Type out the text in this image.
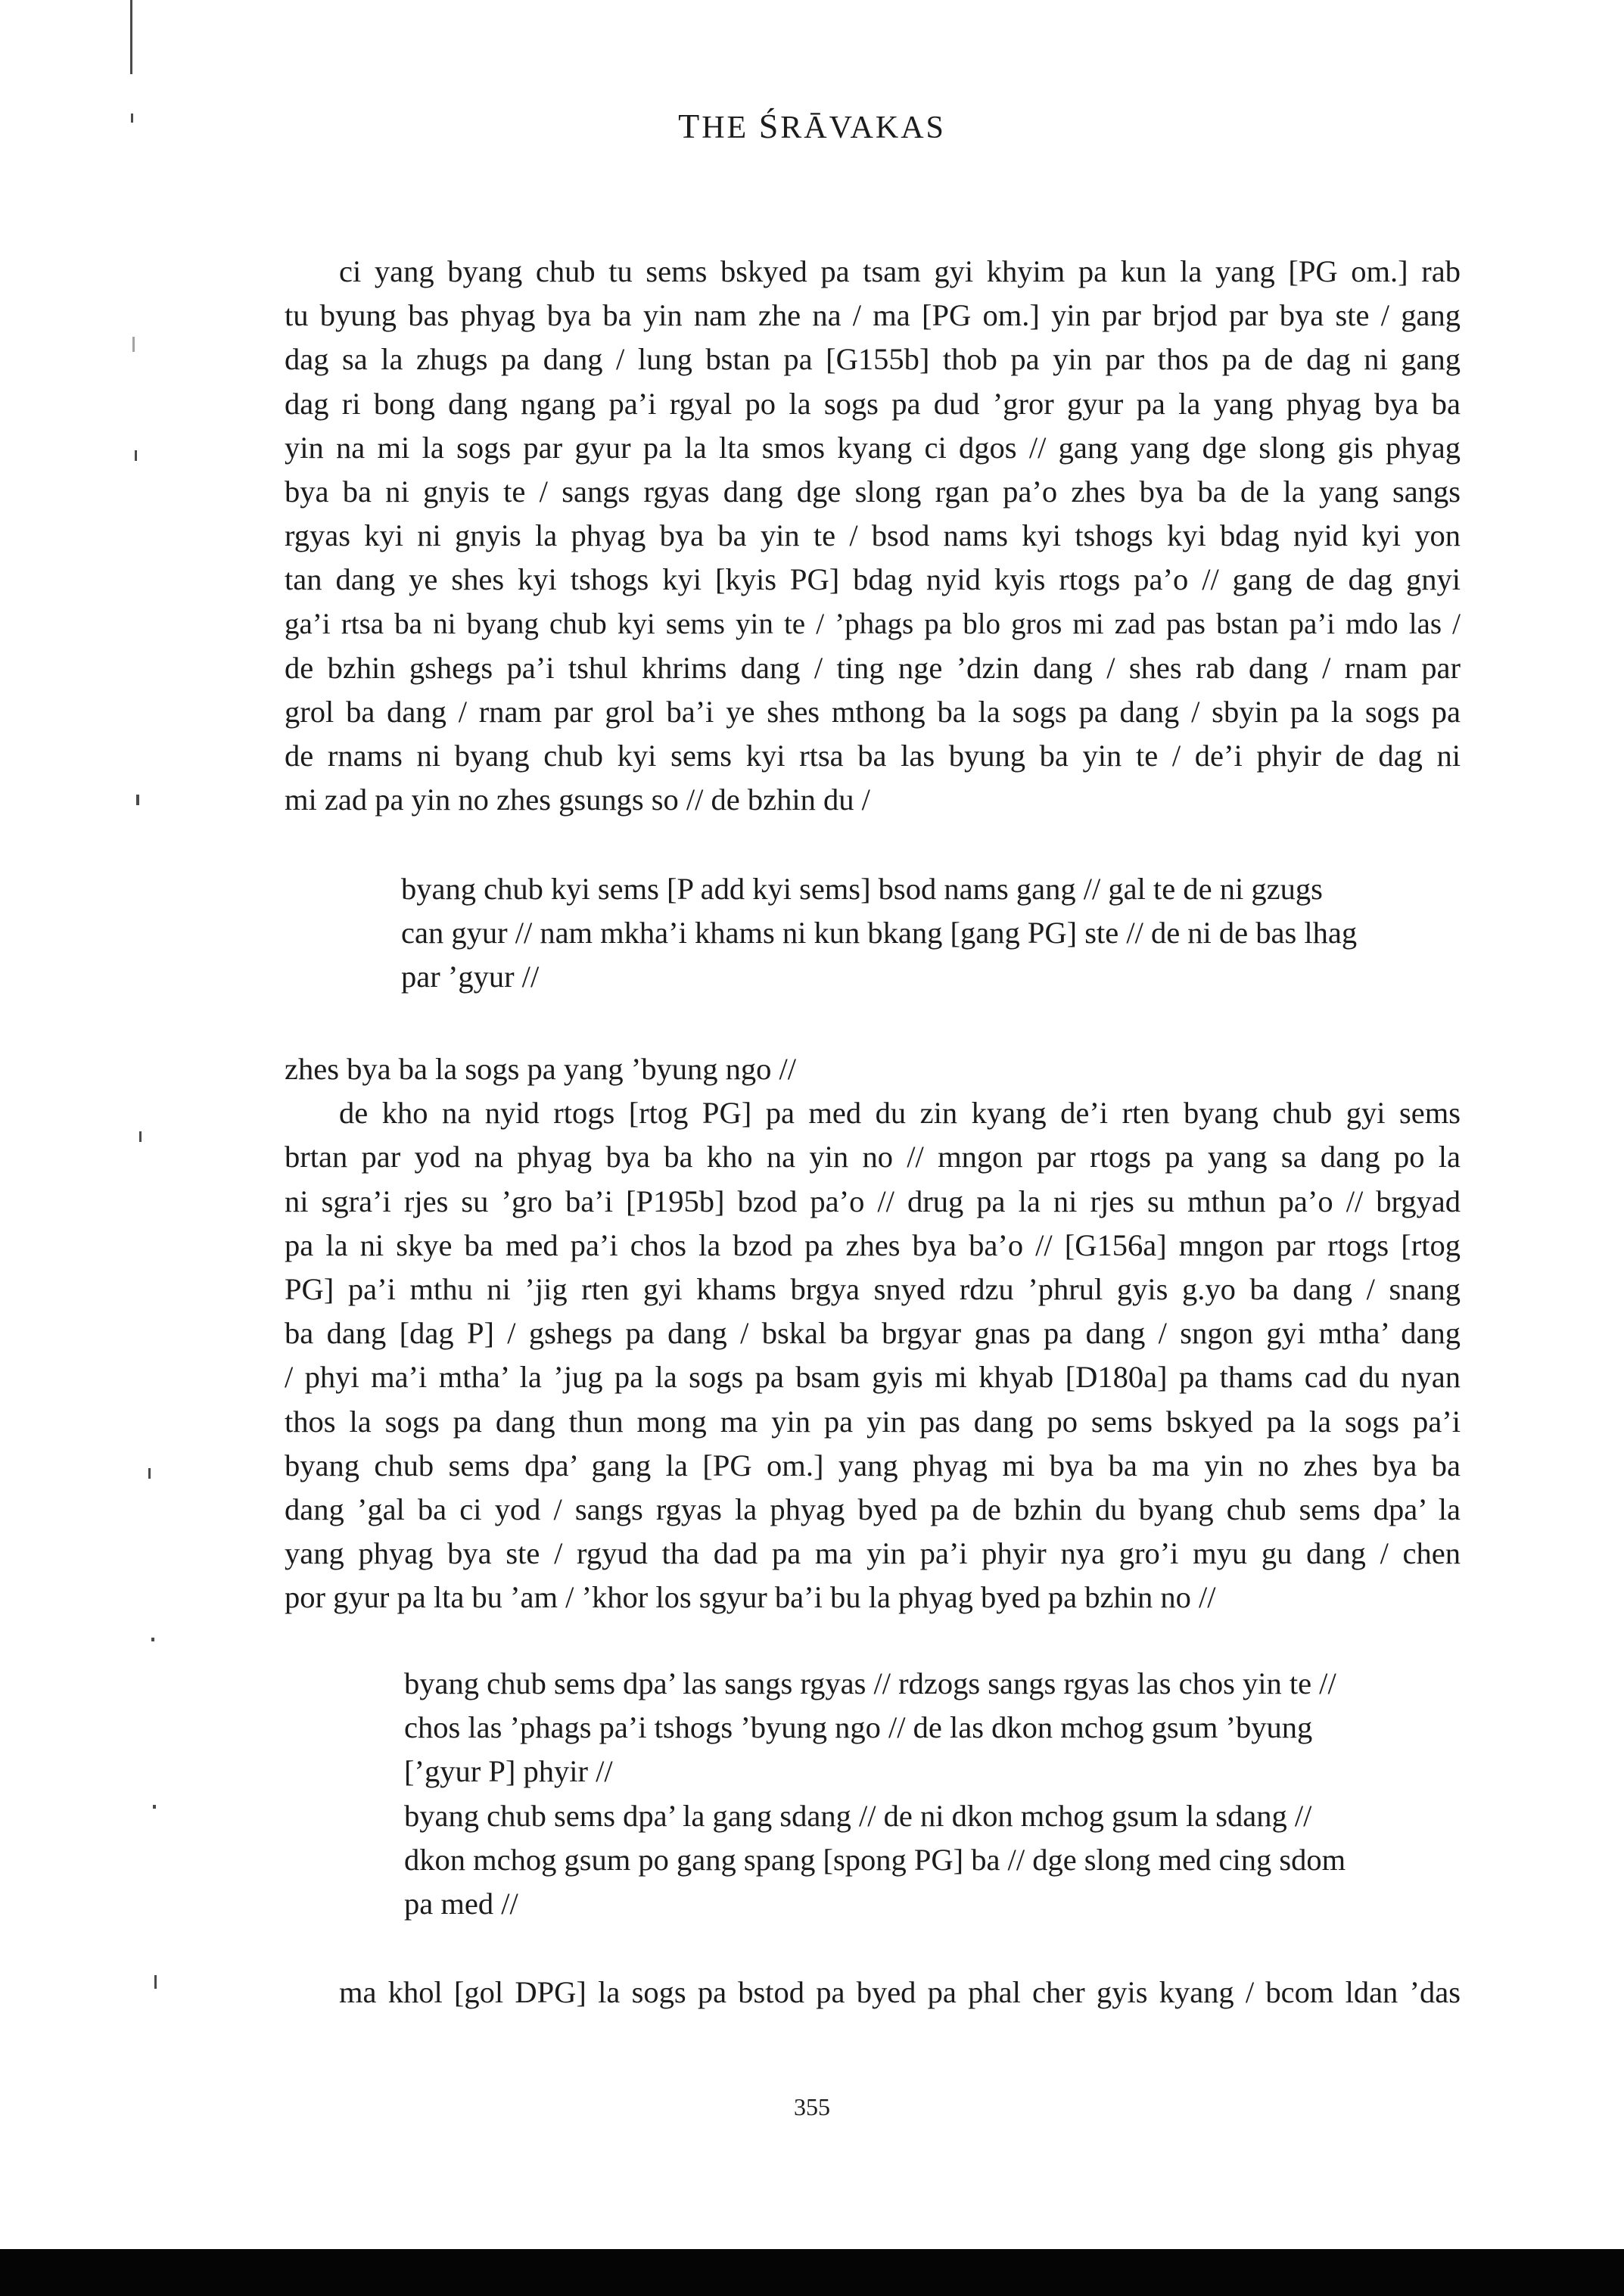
THE ŚRĀVAKAS
ci yang byang chub tu sems bskyed pa tsam gyi khyim pa kun la yang [PG om.] rab
tu byung bas phyag bya ba yin nam zhe na / ma [PG om.] yin par brjod par bya ste / gang
dag sa la zhugs pa dang / lung bstan pa [G155b] thob pa yin par thos pa de dag ni gang
dag ri bong dang ngang pa’i rgyal po la sogs pa dud ’gror gyur pa la yang phyag bya ba
yin na mi la sogs par gyur pa la lta smos kyang ci dgos // gang yang dge slong gis phyag
bya ba ni gnyis te / sangs rgyas dang dge slong rgan pa’o zhes bya ba de la yang sangs
rgyas kyi ni gnyis la phyag bya ba yin te / bsod nams kyi tshogs kyi bdag nyid kyi yon
tan dang ye shes kyi tshogs kyi [kyis PG] bdag nyid kyis rtogs pa’o // gang de dag gnyi
ga’i rtsa ba ni byang chub kyi sems yin te / ’phags pa blo gros mi zad pas bstan pa’i mdo las /
de bzhin gshegs pa’i tshul khrims dang / ting nge ’dzin dang / shes rab dang / rnam par
grol ba dang / rnam par grol ba’i ye shes mthong ba la sogs pa dang / sbyin pa la sogs pa
de rnams ni byang chub kyi sems kyi rtsa ba las byung ba yin te / de’i phyir de dag ni
mi zad pa yin no zhes gsungs so // de bzhin du /
byang chub kyi sems [P add kyi sems] bsod nams gang // gal te de ni gzugs
can gyur // nam mkha’i khams ni kun bkang [gang PG] ste // de ni de bas lhag
par ’gyur //
zhes bya ba la sogs pa yang ’byung ngo //
de kho na nyid rtogs [rtog PG] pa med du zin kyang de’i rten byang chub gyi sems
brtan par yod na phyag bya ba kho na yin no // mngon par rtogs pa yang sa dang po la
ni sgra’i rjes su ’gro ba’i [P195b] bzod pa’o // drug pa la ni rjes su mthun pa’o // brgyad
pa la ni skye ba med pa’i chos la bzod pa zhes bya ba’o // [G156a] mngon par rtogs [rtog
PG] pa’i mthu ni ’jig rten gyi khams brgya snyed rdzu ’phrul gyis g.yo ba dang / snang
ba dang [dag P] / gshegs pa dang / bskal ba brgyar gnas pa dang / sngon gyi mtha’ dang
/ phyi ma’i mtha’ la ’jug pa la sogs pa bsam gyis mi khyab [D180a] pa thams cad du nyan
thos la sogs pa dang thun mong ma yin pa yin pas dang po sems bskyed pa la sogs pa’i
byang chub sems dpa’ gang la [PG om.] yang phyag mi bya ba ma yin no zhes bya ba
dang ’gal ba ci yod / sangs rgyas la phyag byed pa de bzhin du byang chub sems dpa’ la
yang phyag bya ste / rgyud tha dad pa ma yin pa’i phyir nya gro’i myu gu dang / chen
por gyur pa lta bu ’am / ’khor los sgyur ba’i bu la phyag byed pa bzhin no //
byang chub sems dpa’ las sangs rgyas // rdzogs sangs rgyas las chos yin te //
chos las ’phags pa’i tshogs ’byung ngo // de las dkon mchog gsum ’byung
[’gyur P] phyir //
byang chub sems dpa’ la gang sdang // de ni dkon mchog gsum la sdang //
dkon mchog gsum po gang spang [spong PG] ba // dge slong med cing sdom
pa med //
ma khol [gol DPG] la sogs pa bstod pa byed pa phal cher gyis kyang / bcom ldan ’das
355
